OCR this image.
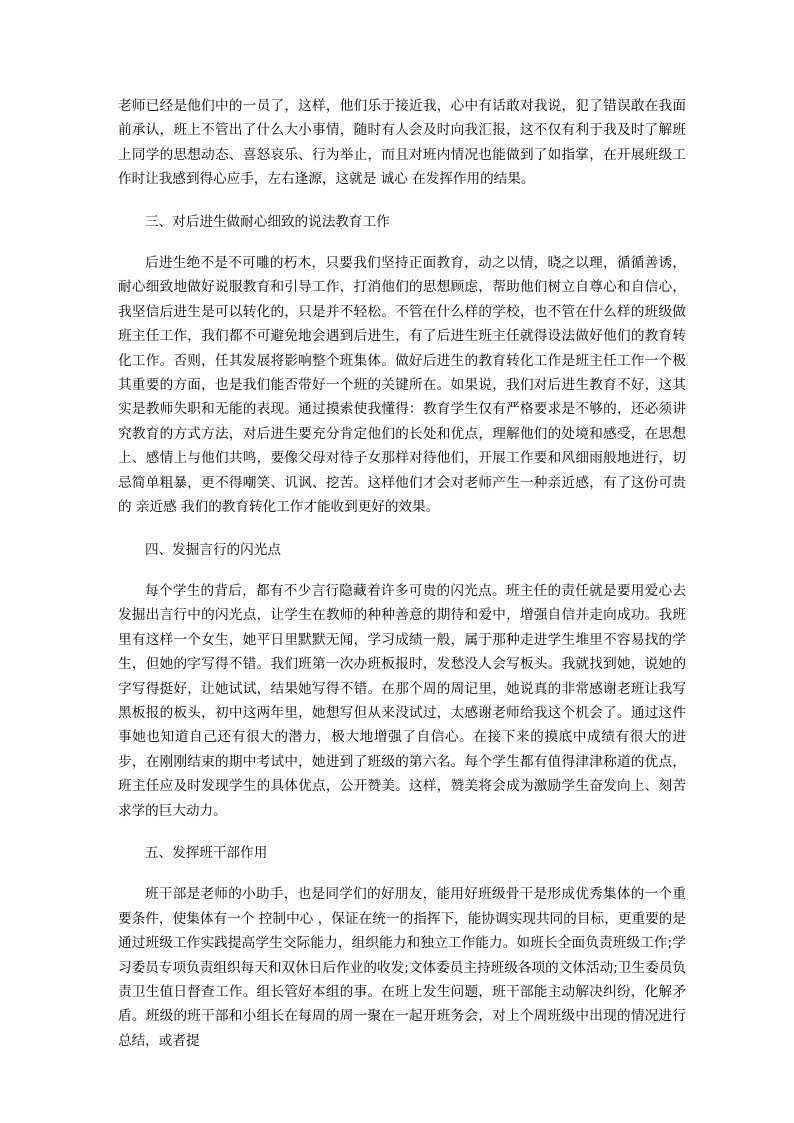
老师已经是他们中的一员了，这样，他们乐于接近我，心中有话敢对我说，犯了错误敢在我面前承认，班上不管出了什么大小事情，随时有人会及时向我汇报，这不仅有利于我及时了解班上同学的思想动态、喜怒哀乐、行为举止，而且对班内情况也能做到了如指掌，在开展班级工作时让我感到得心应手，左右逢源，这就是 诚心 在发挥作用的结果。

三、对后进生做耐心细致的说法教育工作

后进生绝不是不可雕的朽木，只要我们坚持正面教育，动之以情，晓之以理，循循善诱，耐心细致地做好说服教育和引导工作，打消他们的思想顾虑，帮助他们树立自尊心和自信心，我坚信后进生是可以转化的，只是并不轻松。不管在什么样的学校，也不管在什么样的班级做班主任工作，我们都不可避免地会遇到后进生，有了后进生班主任就得设法做好他们的教育转化工作。否则，任其发展将影响整个班集体。做好后进生的教育转化工作是班主任工作一个极其重要的方面，也是我们能否带好一个班的关键所在。如果说，我们对后进生教育不好，这其实是教师失职和无能的表现。通过摸索使我懂得：教育学生仅有严格要求是不够的，还必须讲究教育的方式方法，对后进生要充分肯定他们的长处和优点，理解他们的处境和感受，在思想上、感情上与他们共鸣，要像父母对待子女那样对待他们，开展工作要和风细雨般地进行，切忌简单粗暴，更不得嘲笑、讥讽、挖苦。这样他们才会对老师产生一种亲近感，有了这份可贵的 亲近感 我们的教育转化工作才能收到更好的效果。

四、发掘言行的闪光点

每个学生的背后，都有不少言行隐藏着许多可贵的闪光点。班主任的责任就是要用爱心去发掘出言行中的闪光点，让学生在教师的种种善意的期待和爱中，增强自信并走向成功。我班里有这样一个女生，她平日里默默无闻，学习成绩一般，属于那种走进学生堆里不容易找的学生，但她的字写得不错。我们班第一次办班板报时，发愁没人会写板头。我就找到她，说她的字写得挺好，让她试试，结果她写得不错。在那个周的周记里，她说真的非常感谢老班让我写黑板报的板头，初中这两年里，她想写但从来没试过，太感谢老师给我这个机会了。通过这件事她也知道自己还有很大的潜力，极大地增强了自信心。在接下来的摸底中成绩有很大的进步，在刚刚结束的期中考试中，她进到了班级的第六名。每个学生都有值得津津称道的优点，班主任应及时发现学生的具体优点，公开赞美。这样，赞美将会成为激励学生奋发向上、刻苦求学的巨大动力。

五、发挥班干部作用

班干部是老师的小助手，也是同学们的好朋友，能用好班级骨干是形成优秀集体的一个重要条件，使集体有一个 控制中心 ，保证在统一的指挥下，能协调实现共同的目标，更重要的是通过班级工作实践提高学生交际能力，组织能力和独立工作能力。如班长全面负责班级工作;学习委员专项负责组织每天和双休日后作业的收发;文体委员主持班级各项的文体活动;卫生委员负责卫生值日督查工作。组长管好本组的事。在班上发生问题，班干部能主动解决纠纷，化解矛盾。班级的班干部和小组长在每周的周一聚在一起开班务会，对上个周班级中出现的情况进行总结，或者提
